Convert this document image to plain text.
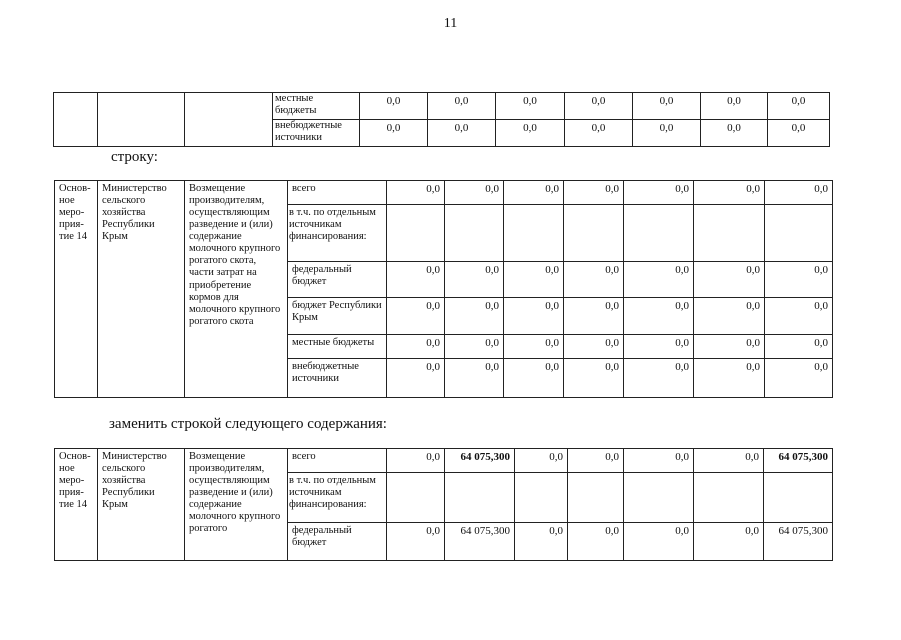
11
			местные бюджеты	0,0	0,0	0,0	0,0	0,0	0,0	0,0
			внебюджетные источники	0,0	0,0	0,0	0,0	0,0	0,0	0,0
строку:
Основ-ное меро-прия-тие 14	Министерство сельского хозяйства Республики Крым	Возмещение производителям, осуществляющим разведение и (или) содержание молочного крупного рогатого скота, части затрат на приобретение кормов для молочного крупного рогатого скота	всего	0,0	0,0	0,0	0,0	0,0	0,0	0,0
			в т.ч. по отдельным источникам финансирования:							
			федеральный бюджет	0,0	0,0	0,0	0,0	0,0	0,0	0,0
			бюджет Республики Крым	0,0	0,0	0,0	0,0	0,0	0,0	0,0
			местные бюджеты	0,0	0,0	0,0	0,0	0,0	0,0	0,0
			внебюджетные источники	0,0	0,0	0,0	0,0	0,0	0,0	0,0
заменить строкой следующего содержания:
Основ-ное меро-прия-тие 14	Министерство сельского хозяйства Республики Крым	Возмещение производителям, осуществляющим разведение и (или) содержание молочного крупного рогатого	всего	0,0	64 075,300	0,0	0,0	0,0	0,0	64 075,300
			в т.ч. по отдельным источникам финансирования:							
			федеральный бюджет	0,0	64 075,300	0,0	0,0	0,0	0,0	64 075,300
